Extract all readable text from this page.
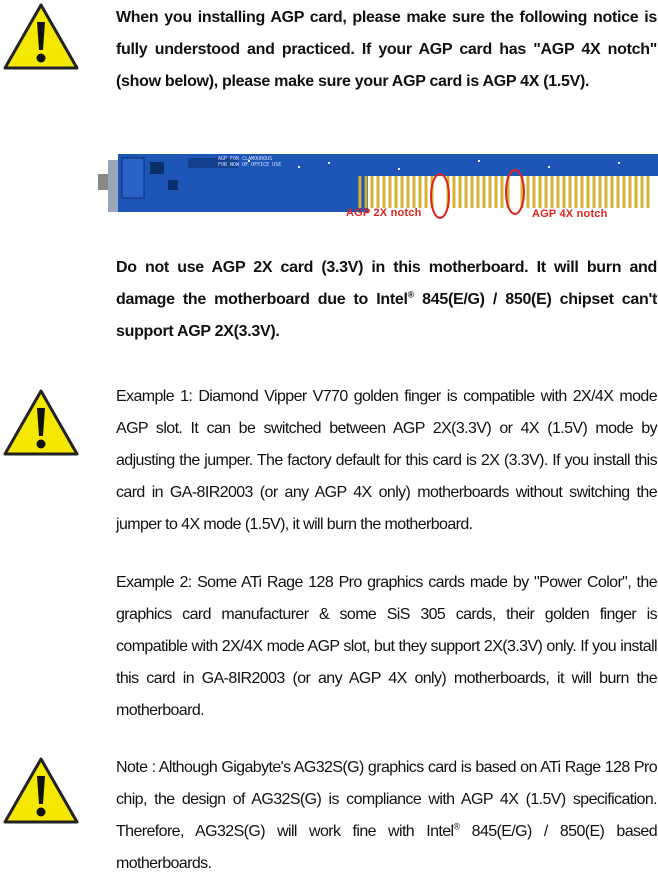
When you installing AGP card, please make sure the following notice is fully understood and practiced. If your AGP card has "AGP 4X notch"(show below), please make sure your AGP card is AGP 4X (1.5V).
AGP FOR CLAMOUROUS
FOR NOW OF OFFICE USE
AGP 2X notch	AGP 4X notch
Do not use AGP 2X card (3.3V) in this motherboard. It will burn and damage the motherboard due to Intel® 845(E/G) / 850(E) chipset can't support AGP 2X(3.3V).
Example 1: Diamond Vipper V770 golden finger is compatible with 2X/4X mode AGP slot. It can be switched between AGP 2X(3.3V) or 4X (1.5V) mode by adjusting the jumper. The factory default for this card is 2X (3.3V). If you install this card in GA-8IR2003 (or any AGP 4X only) motherboards without switching the jumper to 4X mode (1.5V), it will burn the motherboard.
Example 2: Some ATi Rage 128 Pro graphics cards made by "Power Color", the graphics card manufacturer & some SiS 305 cards, their golden finger is compatible with 2X/4X mode AGP slot, but they support 2X(3.3V) only. If you install this card in GA-8IR2003 (or any AGP 4X only) motherboards, it will burn the motherboard.
Note : Although Gigabyte's AG32S(G) graphics card is based on ATi Rage 128 Pro chip, the design of AG32S(G) is compliance with AGP 4X (1.5V) specification. Therefore, AG32S(G) will work fine with Intel® 845(E/G) / 850(E) based motherboards.
